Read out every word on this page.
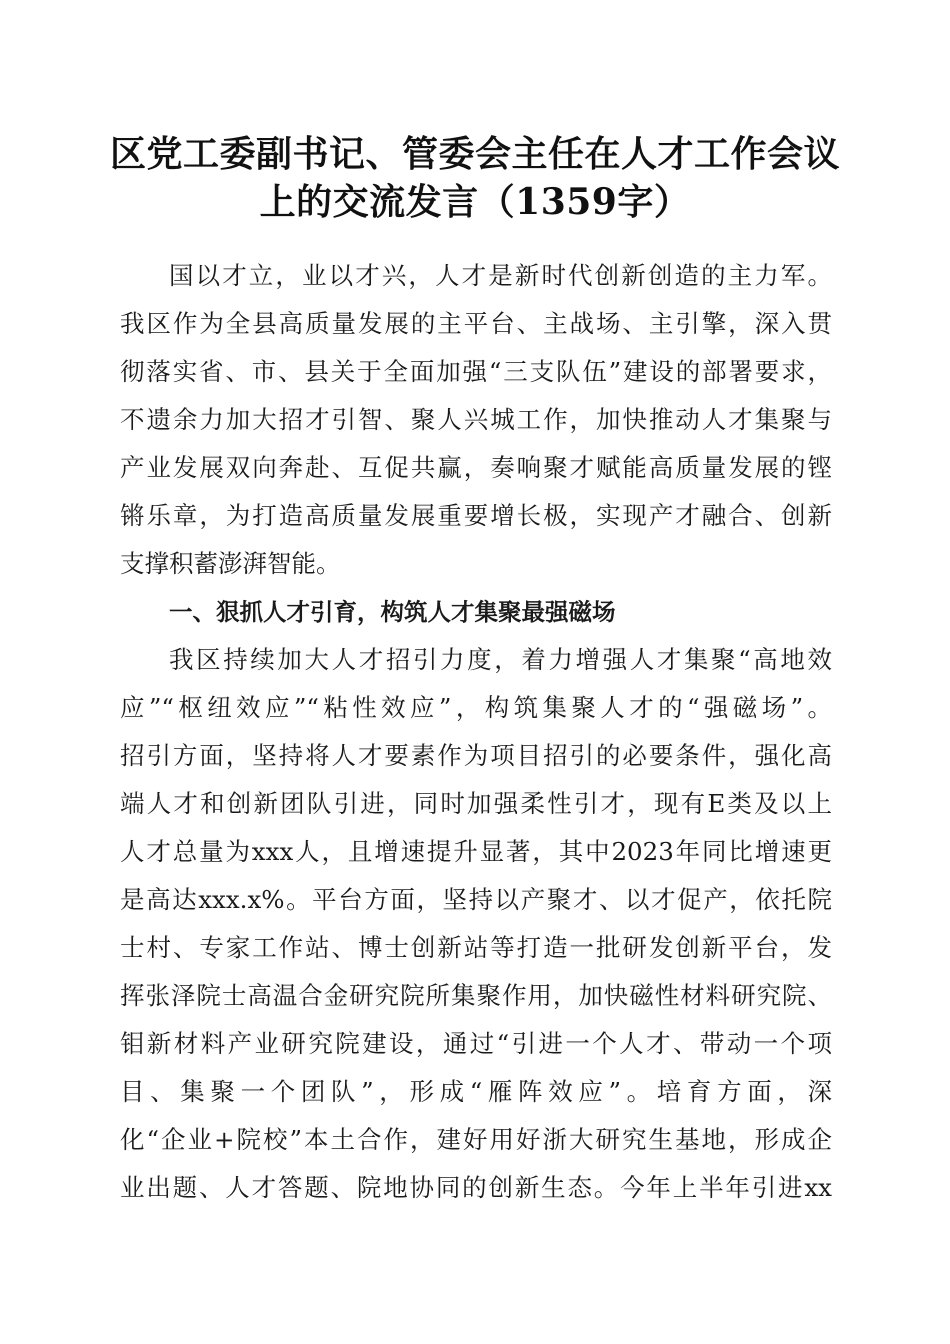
区党工委副书记、管委会主任在人才工作会议
上的交流发言（1359字）
国以才立，业以才兴，人才是新时代创新创造的主力军。
我区作为全县高质量发展的主平台、主战场、主引擎，深入贯
彻落实省、市、县关于全面加强“三支队伍”建设的部署要求，
不遗余力加大招才引智、聚人兴城工作，加快推动人才集聚与
产业发展双向奔赴、互促共赢，奏响聚才赋能高质量发展的铿
锵乐章，为打造高质量发展重要增长极，实现产才融合、创新
支撑积蓄澎湃智能。
一、狠抓人才引育，构筑人才集聚最强磁场
我区持续加大人才招引力度，着力增强人才集聚“高地效
应”“枢纽效应”“粘性效应”，构筑集聚人才的“强磁场”。
招引方面，坚持将人才要素作为项目招引的必要条件，强化高
端人才和创新团队引进，同时加强柔性引才，现有E类及以上
人才总量为xxx人，且增速提升显著，其中2023年同比增速更
是高达xxx.x%。平台方面，坚持以产聚才、以才促产，依托院
士村、专家工作站、博士创新站等打造一批研发创新平台，发
挥张泽院士高温合金研究院所集聚作用，加快磁性材料研究院、
钼新材料产业研究院建设，通过“引进一个人才、带动一个项
目、集聚一个团队”，形成“雁阵效应”。培育方面，深
化“企业+院校”本土合作，建好用好浙大研究生基地，形成企
业出题、人才答题、院地协同的创新生态。今年上半年引进xx
